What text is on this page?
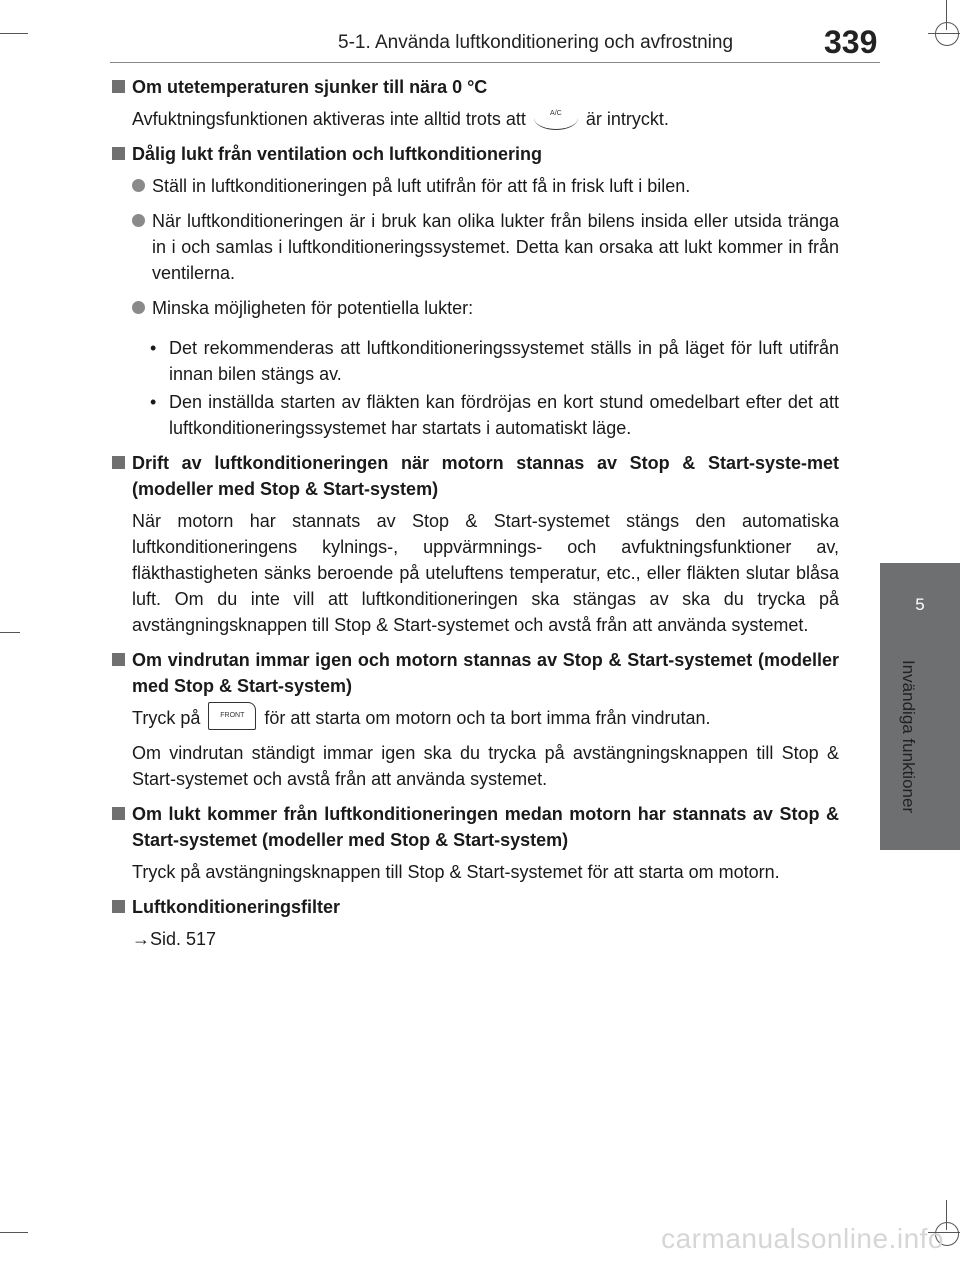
5-1. Använda luftkonditionering och avfrostning	339
5
Invändiga funktioner
Om utetemperaturen sjunker till nära 0 °C
Avfuktningsfunktionen aktiveras inte alltid trots att	A/C är intryckt.
Dålig lukt från ventilation och luftkonditionering
Ställ in luftkonditioneringen på luft utifrån för att få in frisk luft i bilen.
När luftkonditioneringen är i bruk kan olika lukter från bilens insida eller utsida tränga in i och samlas i luftkonditioneringssystemet. Detta kan orsaka att lukt kommer in från ventilerna.
Minska möjligheten för potentiella lukter:
• Det rekommenderas att luftkonditioneringssystemet ställs in på läget för luft utifrån innan bilen stängs av.
• Den inställda starten av fläkten kan fördröjas en kort stund omedelbart efter det att luftkonditioneringssystemet har startats i automatiskt läge.
Drift av luftkonditioneringen när motorn stannas av Stop & Start-syste-met (modeller med Stop & Start-system)
När motorn har stannats av Stop & Start-systemet stängs den automatiska luftkonditioneringens kylnings-, uppvärmnings- och avfuktningsfunktioner av, fläkthastigheten sänks beroende på uteluftens temperatur, etc., eller fläkten slutar blåsa luft. Om du inte vill att luftkonditioneringen ska stängas av ska du trycka på avstängningsknappen till Stop & Start-systemet och avstå från att använda systemet.
Om vindrutan immar igen och motorn stannas av Stop & Start-systemet (modeller med Stop & Start-system)
Tryck på	FRONT för att starta om motorn och ta bort imma från vindrutan.
Om vindrutan ständigt immar igen ska du trycka på avstängningsknappen till Stop & Start-systemet och avstå från att använda systemet.
Om lukt kommer från luftkonditioneringen medan motorn har stannats av Stop & Start-systemet (modeller med Stop & Start-system)
Tryck på avstängningsknappen till Stop & Start-systemet för att starta om motorn.
Luftkonditioneringsfilter
→Sid. 517
carmanualsonline.info
